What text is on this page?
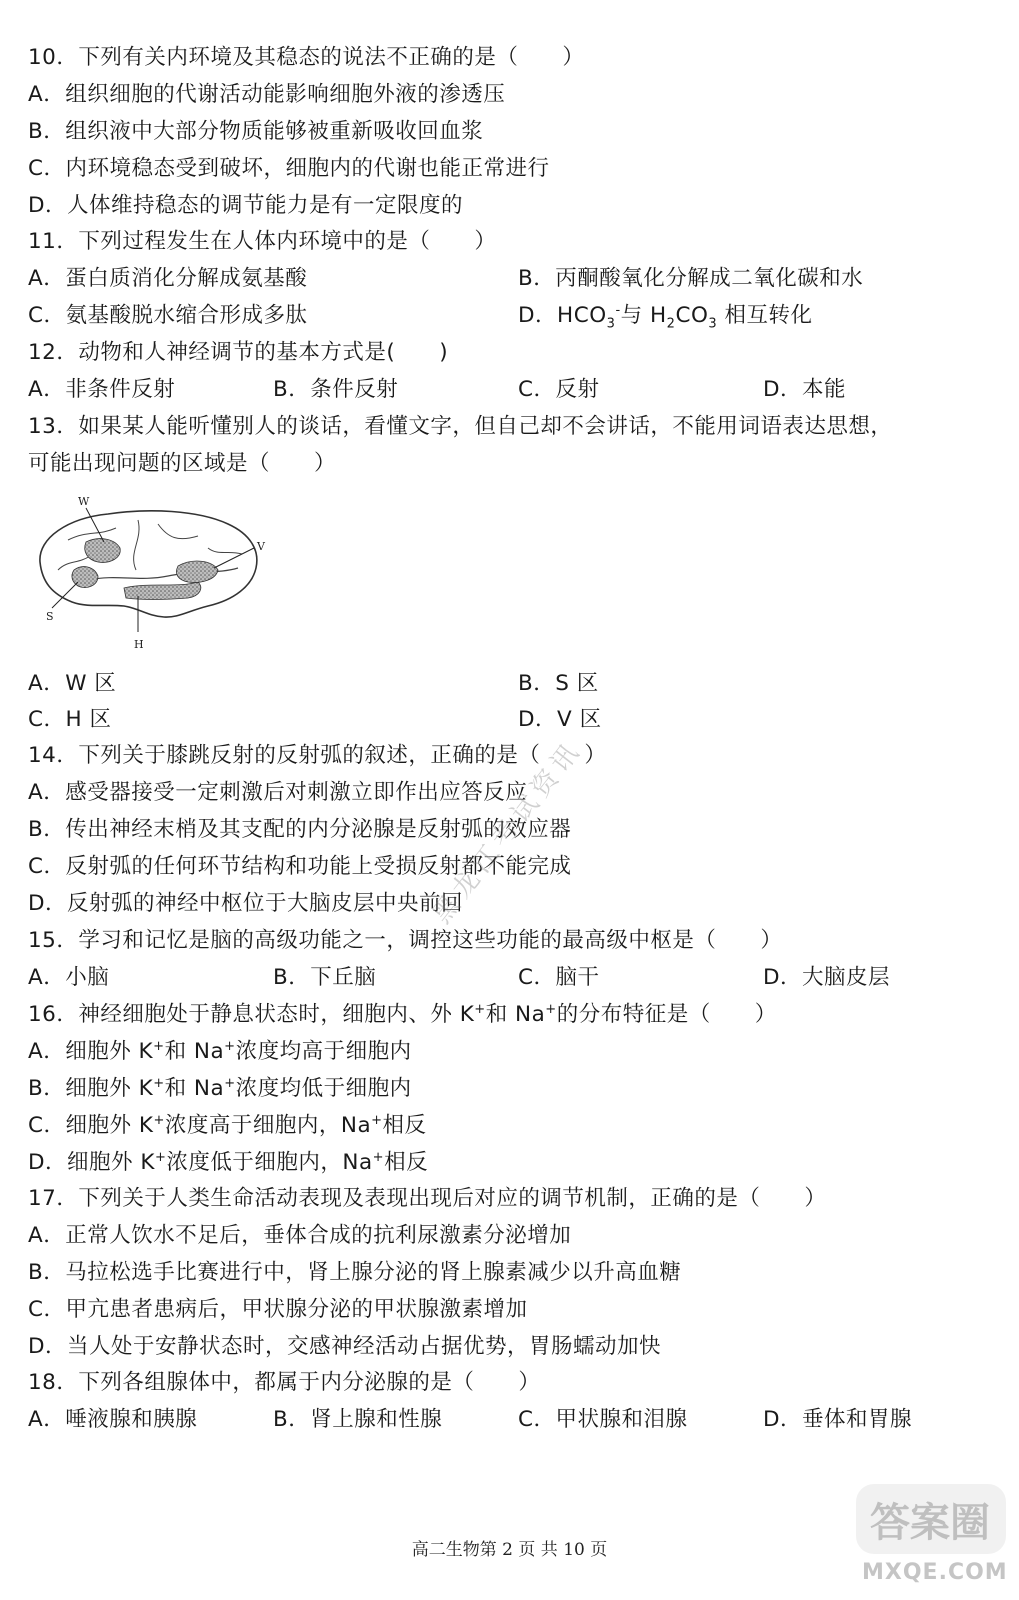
10．下列有关内环境及其稳态的说法不正确的是（　　）
A．组织细胞的代谢活动能影响细胞外液的渗透压
B．组织液中大部分物质能够被重新吸收回血浆
C．内环境稳态受到破坏，细胞内的代谢也能正常进行
D．人体维持稳态的调节能力是有一定限度的
11．下列过程发生在人体内环境中的是（　　）
A．蛋白质消化分解成氨基酸	B．丙酮酸氧化分解成二氧化碳和水
C．氨基酸脱水缩合形成多肽	D．$HCO_3^-$与 $H_2CO_3$ 相互转化
12．动物和人神经调节的基本方式是(　　)
A．非条件反射	B．条件反射	C．反射	D．本能
13．如果某人能听懂别人的谈话，看懂文字，但自己却不会讲话，不能用词语表达思想，
可能出现问题的区域是（　　）
W
V
S
H
A．W 区	B．S 区
C．H 区	D．V 区
14．下列关于膝跳反射的反射弧的叙述，正确的是（　　）
A．感受器接受一定刺激后对刺激立即作出应答反应
B．传出神经末梢及其支配的内分泌腺是反射弧的效应器
C．反射弧的任何环节结构和功能上受损反射都不能完成
D．反射弧的神经中枢位于大脑皮层中央前回
15．学习和记忆是脑的高级功能之一，调控这些功能的最高级中枢是（　　）
A．小脑	B．下丘脑	C．脑干	D．大脑皮层
16．神经细胞处于静息状态时，细胞内、外 K+和 Na+的分布特征是（　　）
A．细胞外 K+和 Na+浓度均高于细胞内
B．细胞外 K+和 Na+浓度均低于细胞内
C．细胞外 K+浓度高于细胞内，Na+相反
D．细胞外 K+浓度低于细胞内，Na+相反
17．下列关于人类生命活动表现及表现出现后对应的调节机制，正确的是（　　）
A．正常人饮水不足后，垂体合成的抗利尿激素分泌增加
B．马拉松选手比赛进行中，肾上腺分泌的肾上腺素减少以升高血糖
C．甲亢患者患病后，甲状腺分泌的甲状腺激素增加
D．当人处于安静状态时，交感神经活动占据优势，胃肠蠕动加快
18．下列各组腺体中，都属于内分泌腺的是（　　）
A．唾液腺和胰腺	B．肾上腺和性腺	C．甲状腺和泪腺	D．垂体和胃腺
黑龙江考试资讯
高二生物第 2 页 共 10 页
答案圈
MXQE.COM
